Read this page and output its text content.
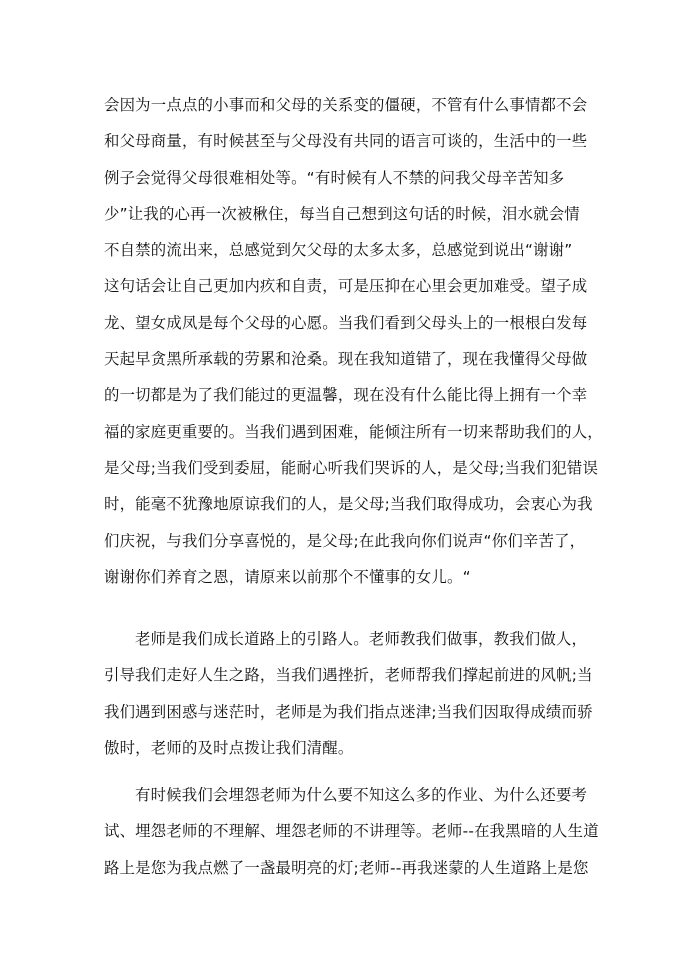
会因为一点点的小事而和父母的关系变的僵硬，不管有什么事情都不会
和父母商量，有时候甚至与父母没有共同的语言可谈的，生活中的一些
例子会觉得父母很难相处等。“有时候有人不禁的问我父母辛苦知多
少”让我的心再一次被楸住，每当自己想到这句话的时候，泪水就会情
不自禁的流出来，总感觉到欠父母的太多太多，总感觉到说出“谢谢”
这句话会让自己更加内疚和自责，可是压抑在心里会更加难受。望子成
龙、望女成凤是每个父母的心愿。当我们看到父母头上的一根根白发每
天起早贪黑所承载的劳累和沧桑。现在我知道错了，现在我懂得父母做
的一切都是为了我们能过的更温馨，现在没有什么能比得上拥有一个幸
福的家庭更重要的。当我们遇到困难，能倾注所有一切来帮助我们的人，
是父母;当我们受到委屈，能耐心听我们哭诉的人，是父母;当我们犯错误
时，能毫不犹豫地原谅我们的人，是父母;当我们取得成功，会衷心为我
们庆祝，与我们分享喜悦的，是父母;在此我向你们说声“你们辛苦了，
谢谢你们养育之恩，请原来以前那个不懂事的女儿。“
老师是我们成长道路上的引路人。老师教我们做事，教我们做人，
引导我们走好人生之路，当我们遇挫折，老师帮我们撑起前进的风帆;当
我们遇到困惑与迷茫时，老师是为我们指点迷津;当我们因取得成绩而骄
傲时，老师的及时点拨让我们清醒。
有时候我们会埋怨老师为什么要不知这么多的作业、为什么还要考
试、埋怨老师的不理解、埋怨老师的不讲理等。老师--在我黑暗的人生道
路上是您为我点燃了一盏最明亮的灯;老师--再我迷蒙的人生道路上是您
